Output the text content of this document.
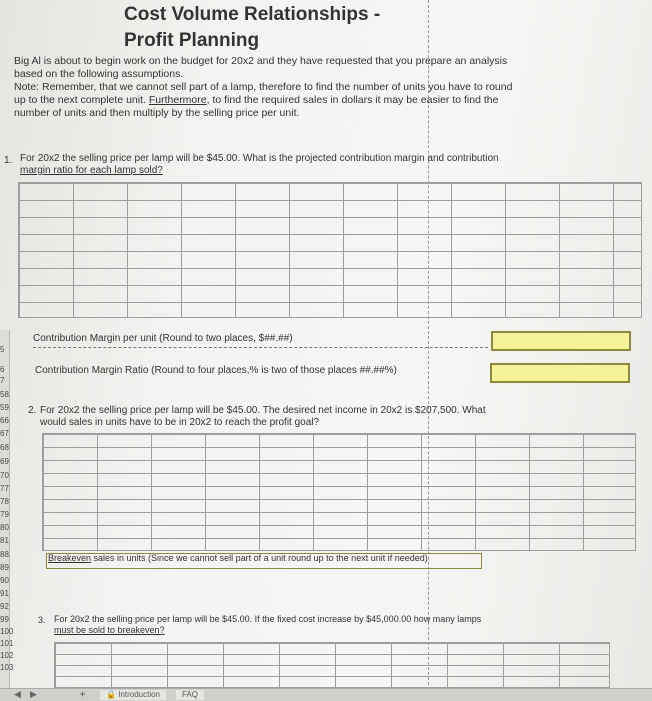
Cost Volume Relationships -
Profit Planning
Big Al is about to begin work on the budget for 20x2 and they have requested that you prepare an analysis
based on the following assumptions.
Note: Remember, that we cannot sell part of a lamp, therefore to find the number of units you have to round
up to the next complete unit. Furthermore, to find the required sales in dollars it may be easier to find the
number of units and then multiply by the selling price per unit.
1. For 20x2 the selling price per lamp will be $45.00. What is the projected contribution margin and contribution
margin ratio for each lamp sold?
Contribution Margin per unit (Round to two places, $##.##)
Contribution Margin Ratio (Round to four places,% is two of those places ##.##%)
2. For 20x2 the selling price per lamp will be $45.00. The desired net income in 20x2 is $207,500. What
would sales in units have to be in 20x2 to reach the profit goal?
Breakeven sales in units (Since we cannot sell part of a unit round up to the next unit if needed)
3. For 20x2 the selling price per lamp will be $45.00. If the fixed cost increase by $45,000.00 how many lamps
must be sold to breakeven?
5
6
7
58
59
66
67
68
69
70
77
78
79
80
81
88
89
90
91
92
99
100
101
102
103
◀ ▶	+	🔒 Introduction	FAQ
